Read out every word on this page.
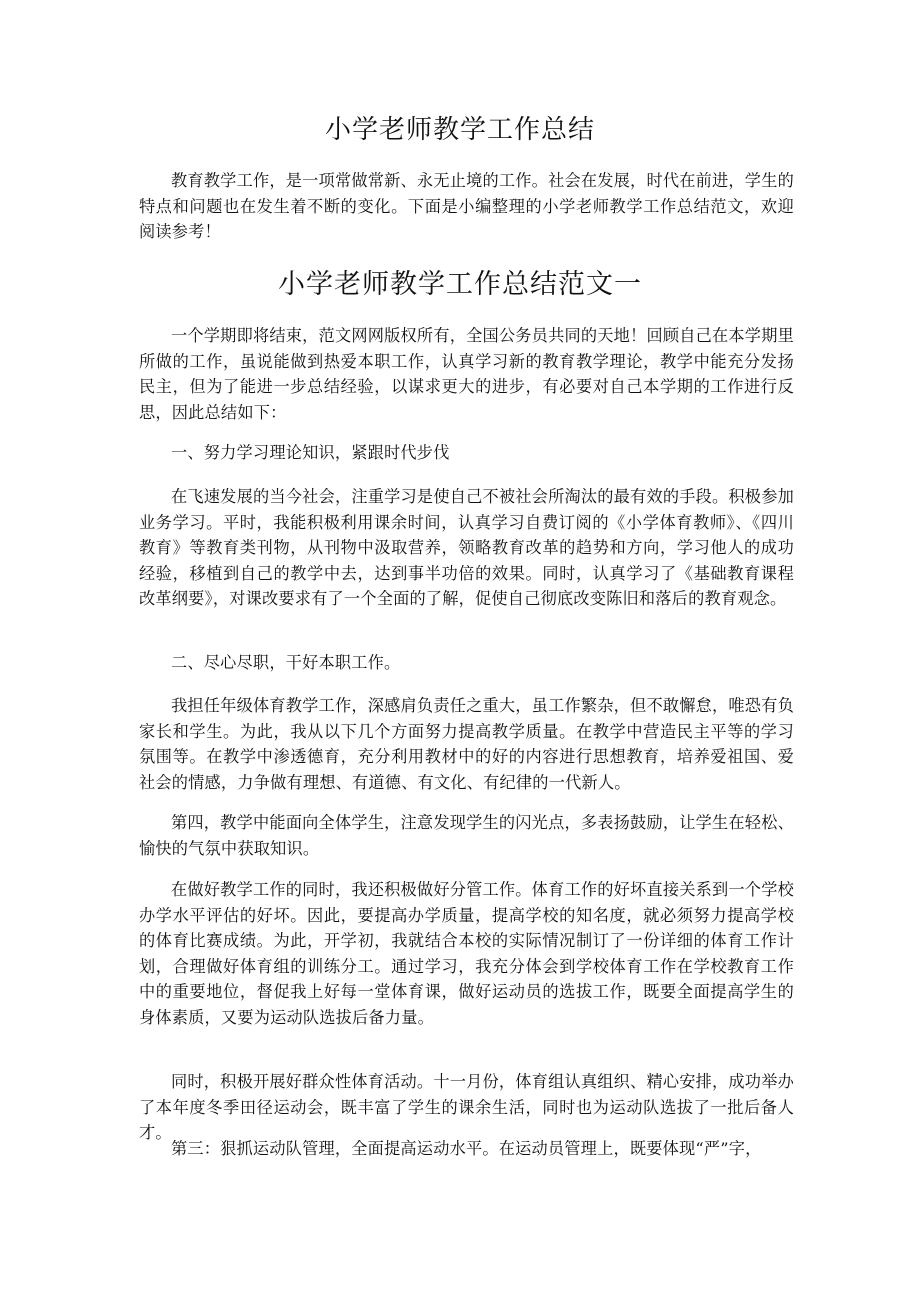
小学老师教学工作总结

教育教学工作，是一项常做常新、永无止境的工作。社会在发展，时代在前进，学生的特点和问题也在发生着不断的变化。下面是小编整理的小学老师教学工作总结范文，欢迎阅读参考！

小学老师教学工作总结范文一

一个学期即将结束，范文网网版权所有，全国公务员共同的天地！回顾自己在本学期里所做的工作，虽说能做到热爱本职工作，认真学习新的教育教学理论，教学中能充分发扬民主，但为了能进一步总结经验，以谋求更大的进步，有必要对自己本学期的工作进行反思，因此总结如下：

一、努力学习理论知识，紧跟时代步伐

在飞速发展的当今社会，注重学习是使自己不被社会所淘汰的最有效的手段。积极参加业务学习。平时，我能积极利用课余时间，认真学习自费订阅的《小学体育教师》、《四川教育》等教育类刊物，从刊物中汲取营养，领略教育改革的趋势和方向，学习他人的成功经验，移植到自己的教学中去，达到事半功倍的效果。同时，认真学习了《基础教育课程改革纲要》，对课改要求有了一个全面的了解，促使自己彻底改变陈旧和落后的教育观念。

二、尽心尽职，干好本职工作。

我担任年级体育教学工作，深感肩负责任之重大，虽工作繁杂，但不敢懈怠，唯恐有负家长和学生。为此，我从以下几个方面努力提高教学质量。在教学中营造民主平等的学习氛围等。在教学中渗透德育，充分利用教材中的好的内容进行思想教育，培养爱祖国、爱社会的情感，力争做有理想、有道德、有文化、有纪律的一代新人。

第四，教学中能面向全体学生，注意发现学生的闪光点，多表扬鼓励，让学生在轻松、愉快的气氛中获取知识。

在做好教学工作的同时，我还积极做好分管工作。体育工作的好坏直接关系到一个学校办学水平评估的好坏。因此，要提高办学质量，提高学校的知名度，就必须努力提高学校的体育比赛成绩。为此，开学初，我就结合本校的实际情况制订了一份详细的体育工作计划，合理做好体育组的训练分工。通过学习，我充分体会到学校体育工作在学校教育工作中的重要地位，督促我上好每一堂体育课，做好运动员的选拔工作，既要全面提高学生的身体素质，又要为运动队选拔后备力量。

同时，积极开展好群众性体育活动。十一月份，体育组认真组织、精心安排，成功举办了本年度冬季田径运动会，既丰富了学生的课余生活，同时也为运动队选拔了一批后备人才。

第三：狠抓运动队管理，全面提高运动水平。在运动员管理上，既要体现“严”字，
